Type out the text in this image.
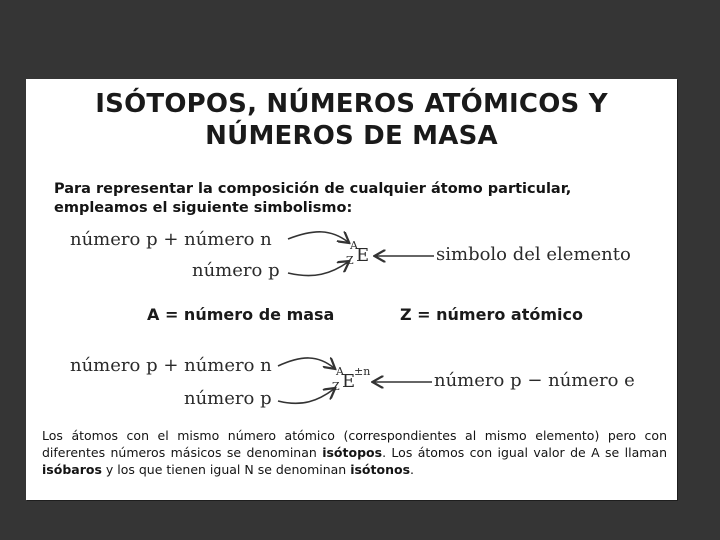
ISÓTOPOS, NÚMEROS ATÓMICOS Y
NÚMEROS DE MASA

Para representar la composición de cualquier átomo particular,
empleamos el siguiente simbolismo:

número p + número n
número p
A
Z E	simbolo del elemento

A = número de masa	Z = número atómico

número p + número n
número p
A
Z E
±n	número p − número e

Los átomos con el mismo número atómico (correspondientes al mismo elemento) pero con diferentes números másicos se denominan isótopos. Los átomos con igual valor de A se llaman isóbaros y los que tienen igual N se denominan isótonos.
